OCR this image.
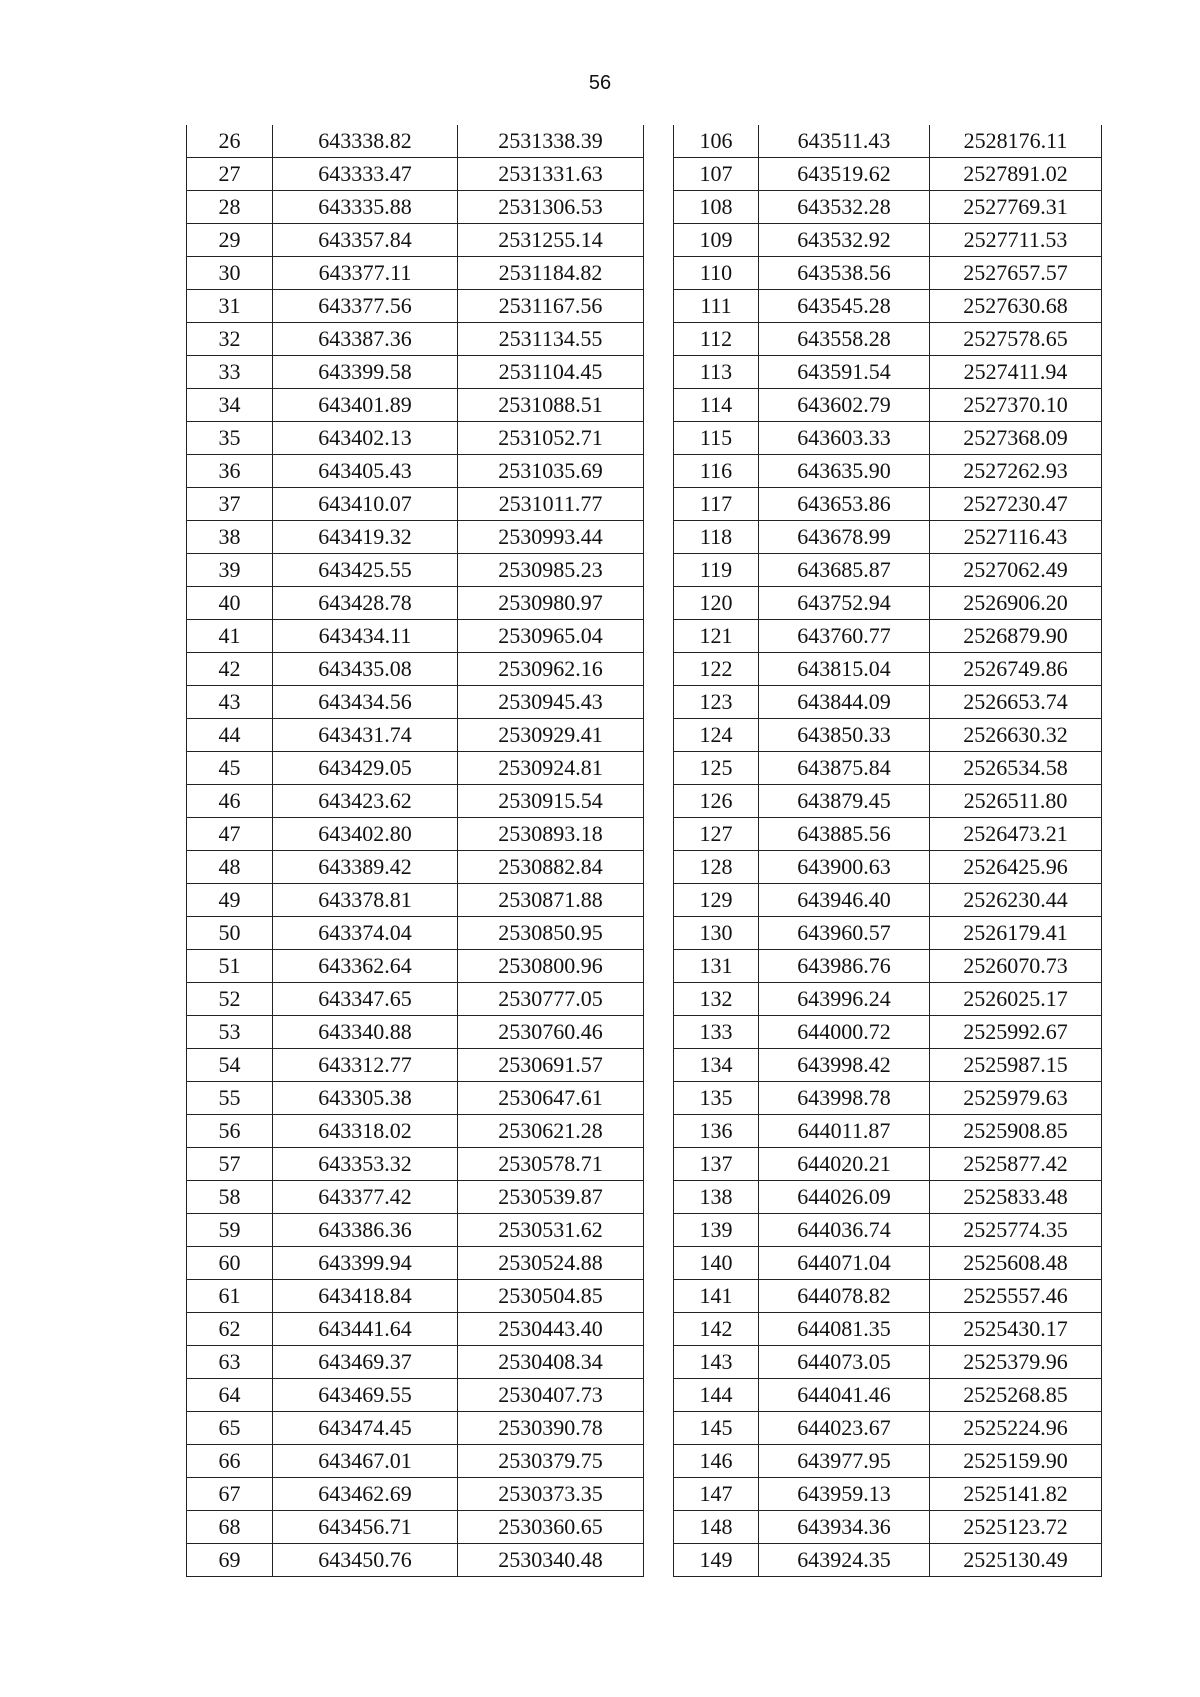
56
26	643338.82	2531338.39
27	643333.47	2531331.63
28	643335.88	2531306.53
29	643357.84	2531255.14
30	643377.11	2531184.82
31	643377.56	2531167.56
32	643387.36	2531134.55
33	643399.58	2531104.45
34	643401.89	2531088.51
35	643402.13	2531052.71
36	643405.43	2531035.69
37	643410.07	2531011.77
38	643419.32	2530993.44
39	643425.55	2530985.23
40	643428.78	2530980.97
41	643434.11	2530965.04
42	643435.08	2530962.16
43	643434.56	2530945.43
44	643431.74	2530929.41
45	643429.05	2530924.81
46	643423.62	2530915.54
47	643402.80	2530893.18
48	643389.42	2530882.84
49	643378.81	2530871.88
50	643374.04	2530850.95
51	643362.64	2530800.96
52	643347.65	2530777.05
53	643340.88	2530760.46
54	643312.77	2530691.57
55	643305.38	2530647.61
56	643318.02	2530621.28
57	643353.32	2530578.71
58	643377.42	2530539.87
59	643386.36	2530531.62
60	643399.94	2530524.88
61	643418.84	2530504.85
62	643441.64	2530443.40
63	643469.37	2530408.34
64	643469.55	2530407.73
65	643474.45	2530390.78
66	643467.01	2530379.75
67	643462.69	2530373.35
68	643456.71	2530360.65
69	643450.76	2530340.48
106	643511.43	2528176.11
107	643519.62	2527891.02
108	643532.28	2527769.31
109	643532.92	2527711.53
110	643538.56	2527657.57
111	643545.28	2527630.68
112	643558.28	2527578.65
113	643591.54	2527411.94
114	643602.79	2527370.10
115	643603.33	2527368.09
116	643635.90	2527262.93
117	643653.86	2527230.47
118	643678.99	2527116.43
119	643685.87	2527062.49
120	643752.94	2526906.20
121	643760.77	2526879.90
122	643815.04	2526749.86
123	643844.09	2526653.74
124	643850.33	2526630.32
125	643875.84	2526534.58
126	643879.45	2526511.80
127	643885.56	2526473.21
128	643900.63	2526425.96
129	643946.40	2526230.44
130	643960.57	2526179.41
131	643986.76	2526070.73
132	643996.24	2526025.17
133	644000.72	2525992.67
134	643998.42	2525987.15
135	643998.78	2525979.63
136	644011.87	2525908.85
137	644020.21	2525877.42
138	644026.09	2525833.48
139	644036.74	2525774.35
140	644071.04	2525608.48
141	644078.82	2525557.46
142	644081.35	2525430.17
143	644073.05	2525379.96
144	644041.46	2525268.85
145	644023.67	2525224.96
146	643977.95	2525159.90
147	643959.13	2525141.82
148	643934.36	2525123.72
149	643924.35	2525130.49
